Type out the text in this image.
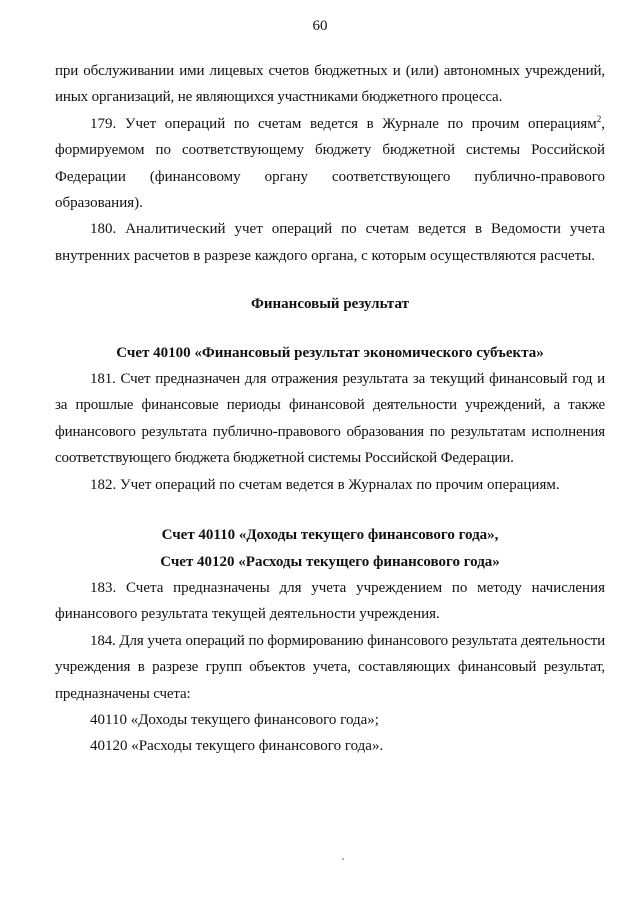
60

при обслуживании ими лицевых счетов бюджетных и (или) автономных учреждений, иных организаций, не являющихся участниками бюджетного процесса.

179. Учет операций по счетам ведется в Журнале по прочим операциям$^2$, формируемом по соответствующему бюджету бюджетной системы Российской Федерации (финансовому органу соответствующего публично-правового образования).

180. Аналитический учет операций по счетам ведется в Ведомости учета внутренних расчетов в разрезе каждого органа, с которым осуществляются расчеты.

Финансовый результат

Счет 40100 «Финансовый результат экономического субъекта»

181. Счет предназначен для отражения результата за текущий финансовый год и за прошлые финансовые периоды финансовой деятельности учреждений, а также финансового результата публично-правового образования по результатам исполнения соответствующего бюджета бюджетной системы Российской Федерации.

182. Учет операций по счетам ведется в Журналах по прочим операциям.

Счет 40110 «Доходы текущего финансового года»,

Счет 40120 «Расходы текущего финансового года»

183. Счета предназначены для учета учреждением по методу начисления финансового результата текущей деятельности учреждения.

184. Для учета операций по формированию финансового результата деятельности учреждения в разрезе групп объектов учета, составляющих финансовый результат, предназначены счета:

40110 «Доходы текущего финансового года»;

40120 «Расходы текущего финансового года».
